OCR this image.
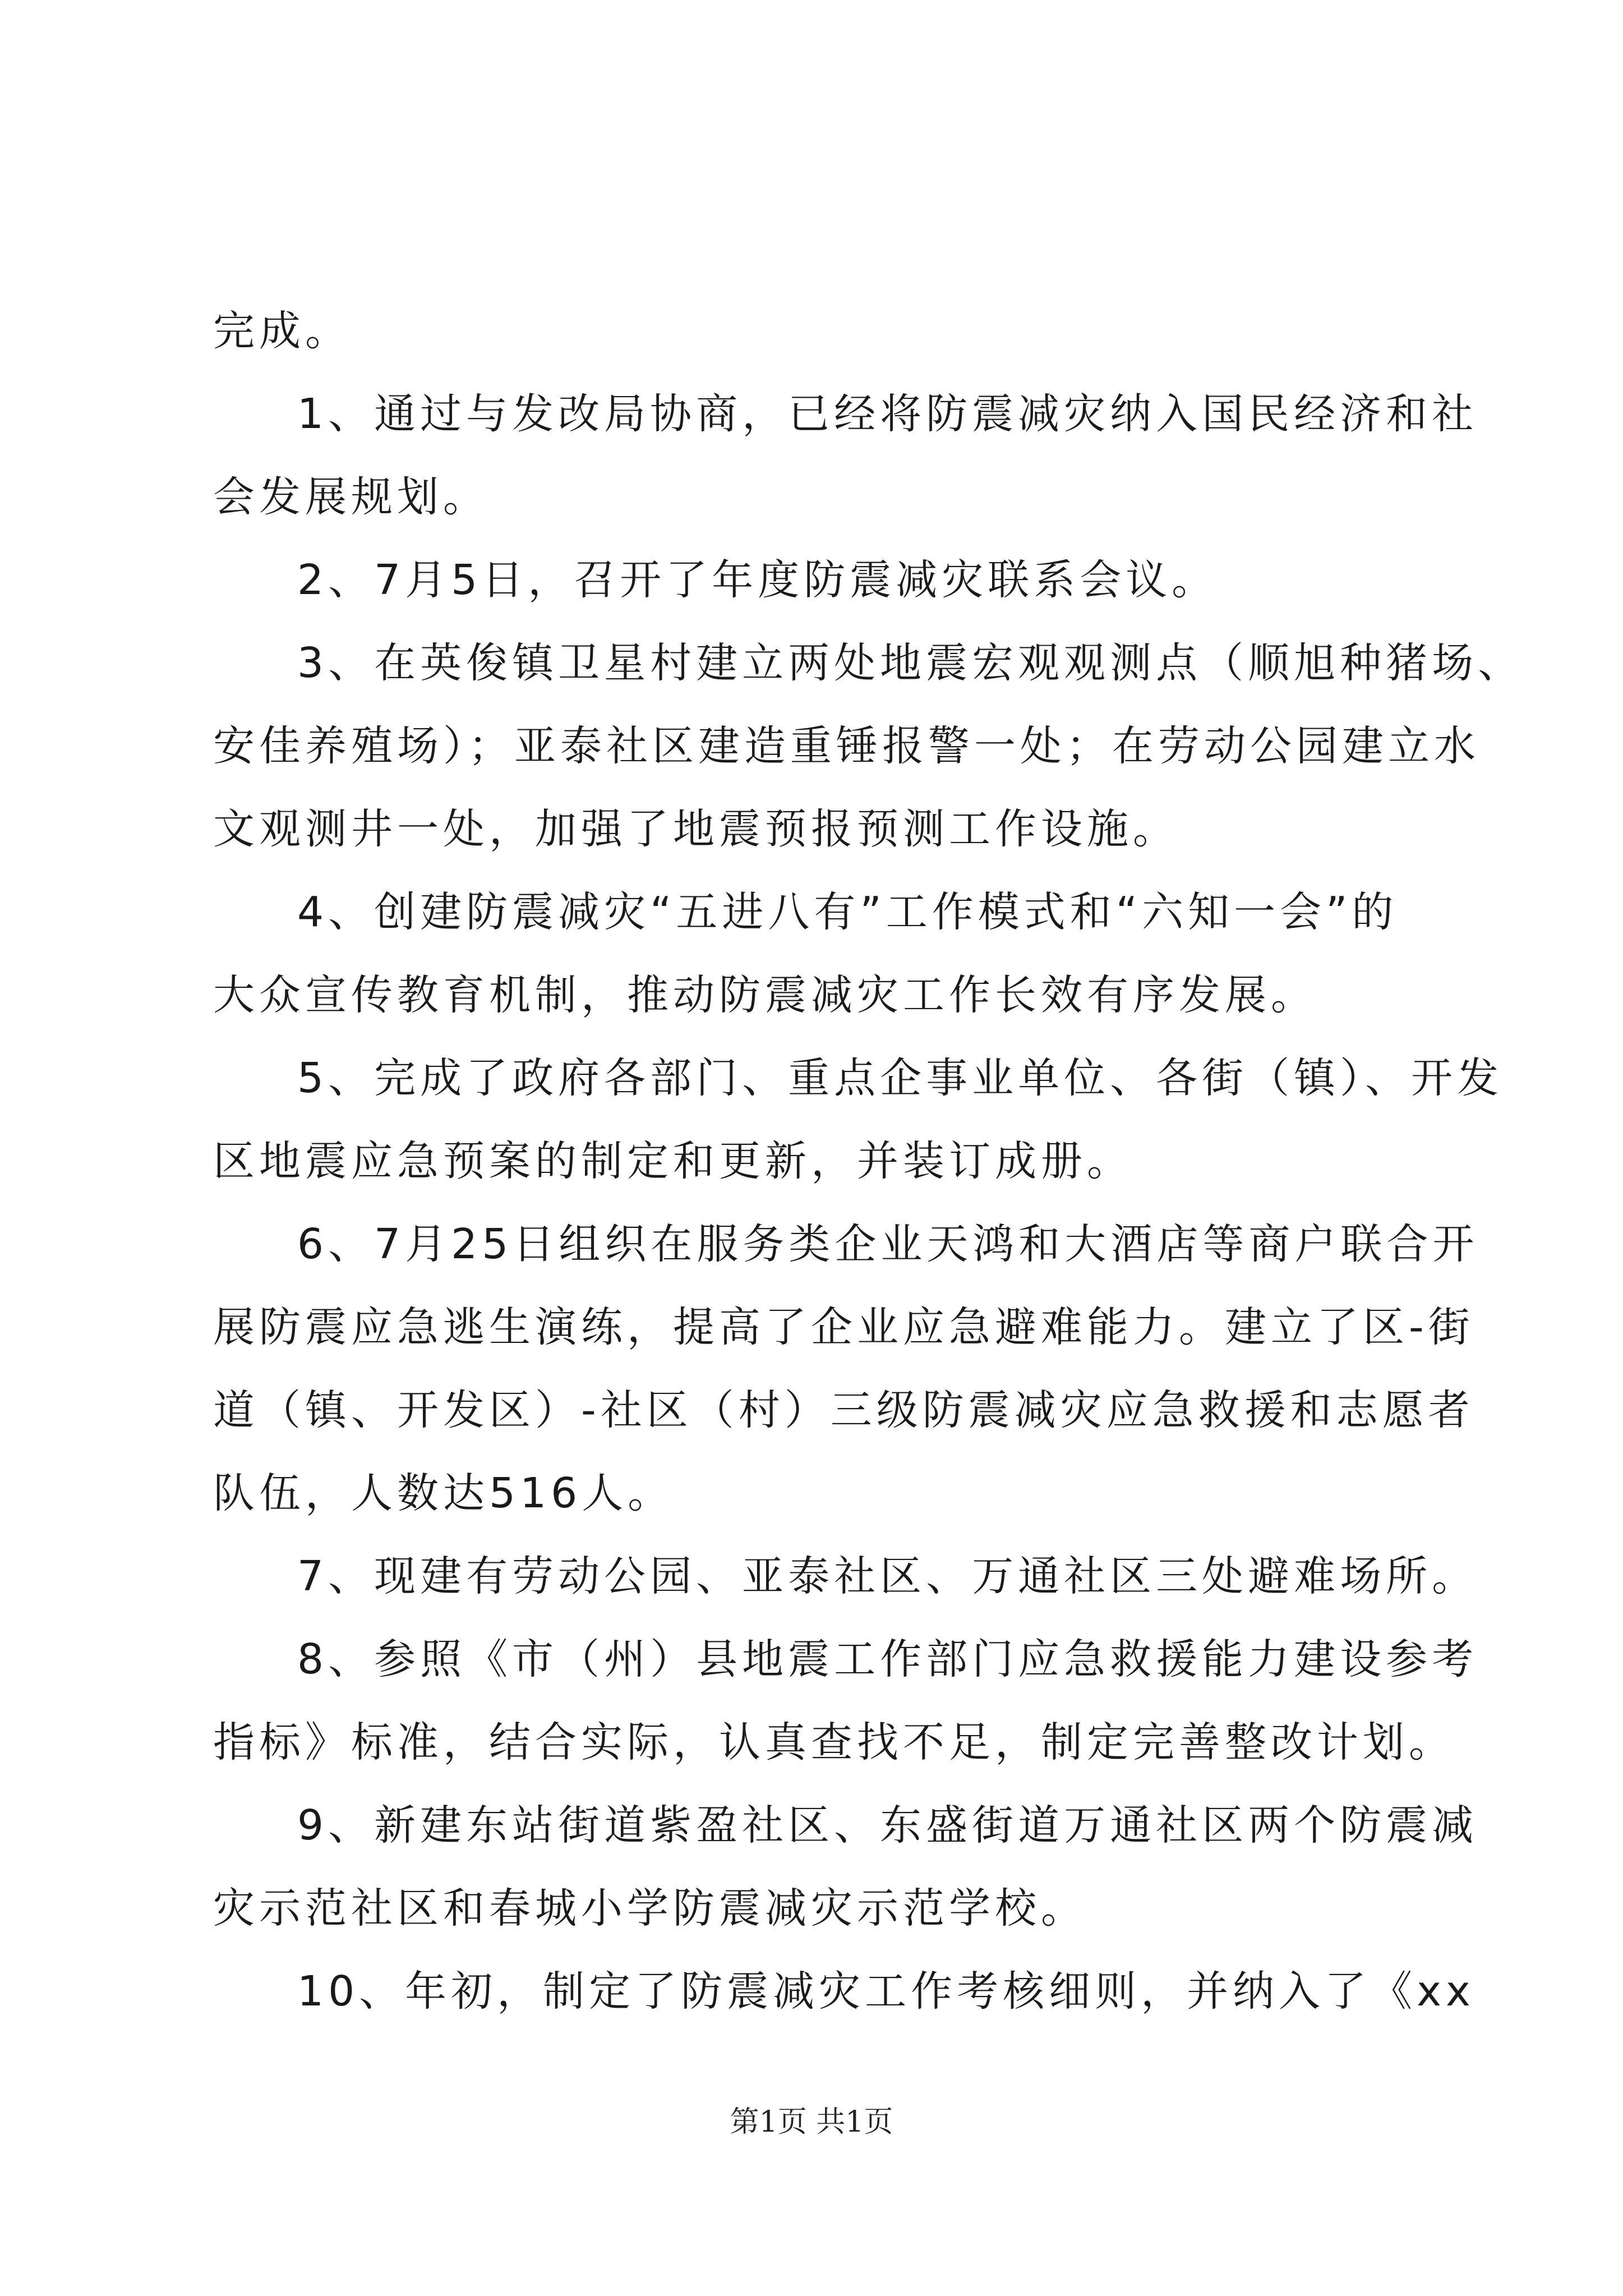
完成。
1、通过与发改局协商，已经将防震减灾纳入国民经济和社
会发展规划。
2、7月5日，召开了年度防震减灾联系会议。
3、在英俊镇卫星村建立两处地震宏观观测点（顺旭种猪场、
安佳养殖场）；亚泰社区建造重锤报警一处；在劳动公园建立水
文观测井一处，加强了地震预报预测工作设施。
4、创建防震减灾“五进八有”工作模式和“六知一会”的
大众宣传教育机制，推动防震减灾工作长效有序发展。
5、完成了政府各部门、重点企事业单位、各街（镇）、开发
区地震应急预案的制定和更新，并装订成册。
6、7月25日组织在服务类企业天鸿和大酒店等商户联合开
展防震应急逃生演练，提高了企业应急避难能力。建立了区-街
道（镇、开发区）-社区（村）三级防震减灾应急救援和志愿者
队伍，人数达516人。
7、现建有劳动公园、亚泰社区、万通社区三处避难场所。
8、参照《市（州）县地震工作部门应急救援能力建设参考
指标》标准，结合实际，认真查找不足，制定完善整改计划。
9、新建东站街道紫盈社区、东盛街道万通社区两个防震减
灾示范社区和春城小学防震减灾示范学校。
10、年初，制定了防震减灾工作考核细则，并纳入了《xx
第1页 共1页
